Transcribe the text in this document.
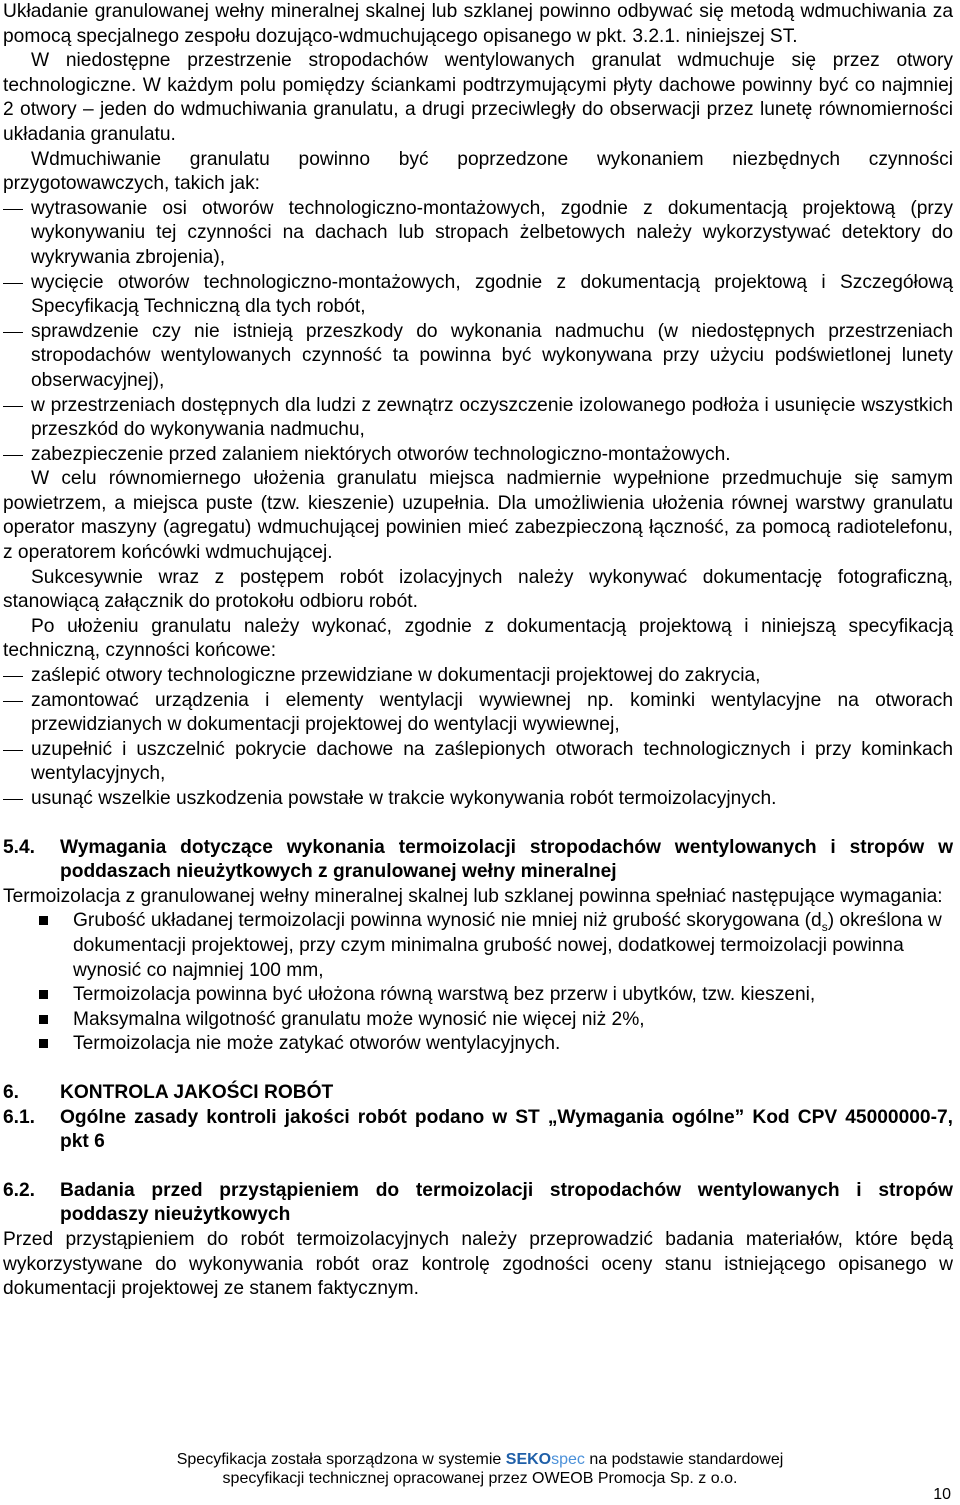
Układanie granulowanej wełny mineralnej skalnej lub szklanej powinno odbywać się metodą wdmuchiwania za pomocą specjalnego zespołu dozująco-wdmuchującego opisanego w pkt. 3.2.1. niniejszej ST.

W niedostępne przestrzenie stropodachów wentylowanych granulat wdmuchuje się przez otwory technologiczne. W każdym polu pomiędzy ściankami podtrzymującymi płyty dachowe powinny być co najmniej 2 otwory – jeden do wdmuchiwania granulatu, a drugi przeciwległy do obserwacji przez lunetę równomierności układania granulatu.

Wdmuchiwanie granulatu powinno być poprzedzone wykonaniem niezbędnych czynności przygotowawczych, takich jak:

wytrasowanie osi otworów technologiczno-montażowych, zgodnie z dokumentacją projektową (przy wykonywaniu tej czynności na dachach lub stropach żelbetowych należy wykorzystywać detektory do wykrywania zbrojenia),

wycięcie otworów technologiczno-montażowych, zgodnie z dokumentacją projektową i Szczegółową Specyfikacją Techniczną dla tych robót,

sprawdzenie czy nie istnieją przeszkody do wykonania nadmuchu (w niedostępnych przestrzeniach stropodachów wentylowanych czynność ta powinna być wykonywana przy użyciu podświetlonej lunety obserwacyjnej),

w przestrzeniach dostępnych dla ludzi z zewnątrz oczyszczenie izolowanego podłoża i usunięcie wszystkich przeszkód do wykonywania nadmuchu,

zabezpieczenie przed zalaniem niektórych otworów technologiczno-montażowych.

W celu równomiernego ułożenia granulatu miejsca nadmiernie wypełnione przedmuchuje się samym powietrzem, a miejsca puste (tzw. kieszenie) uzupełnia. Dla umożliwienia ułożenia równej warstwy granulatu operator maszyny (agregatu) wdmuchującej powinien mieć zabezpieczoną łączność, za pomocą radiotelefonu, z operatorem końcówki wdmuchującej.

Sukcesywnie wraz z postępem robót izolacyjnych należy wykonywać dokumentację fotograficzną, stanowiącą załącznik do protokołu odbioru robót.

Po ułożeniu granulatu należy wykonać, zgodnie z dokumentacją projektową i niniejszą specyfikacją techniczną, czynności końcowe:

zaślepić otwory technologiczne przewidziane w dokumentacji projektowej do zakrycia,

zamontować urządzenia i elementy wentylacji wywiewnej np. kominki wentylacyjne na otworach przewidzianych w dokumentacji projektowej do wentylacji wywiewnej,

uzupełnić i uszczelnić pokrycie dachowe na zaślepionych otworach technologicznych i przy kominkach wentylacyjnych,

usunąć wszelkie uszkodzenia powstałe w trakcie wykonywania robót termoizolacyjnych.

5.4. Wymagania dotyczące wykonania termoizolacji stropodachów wentylowanych i stropów w poddaszach nieużytkowych z granulowanej wełny mineralnej

Termoizolacja z granulowanej wełny mineralnej skalnej lub szklanej powinna spełniać następujące wymagania:

Grubość układanej termoizolacji powinna wynosić nie mniej niż grubość skorygowana $(d_s)$ określona w dokumentacji projektowej, przy czym minimalna grubość nowej, dodatkowej termoizolacji powinna wynosić co najmniej 100 mm,

Termoizolacja powinna być ułożona równą warstwą bez przerw i ubytków, tzw. kieszeni,

Maksymalna wilgotność granulatu może wynosić nie więcej niż 2%,

Termoizolacja nie może zatykać otworów wentylacyjnych.

6. KONTROLA JAKOŚCI ROBÓT

6.1. Ogólne zasady kontroli jakości robót podano w ST „Wymagania ogólne” Kod CPV 45000000-7, pkt 6

6.2. Badania przed przystąpieniem do termoizolacji stropodachów wentylowanych i stropów poddaszy nieużytkowych

Przed przystąpieniem do robót termoizolacyjnych należy przeprowadzić badania materiałów, które będą wykorzystywane do wykonywania robót oraz kontrolę zgodności oceny stanu istniejącego opisanego w dokumentacji projektowej ze stanem faktycznym.

Specyfikacja została sporządzona w systemie SEKOspec na podstawie standardowej
specyfikacji technicznej opracowanej przez OWEOB Promocja Sp. z o.o.
10
